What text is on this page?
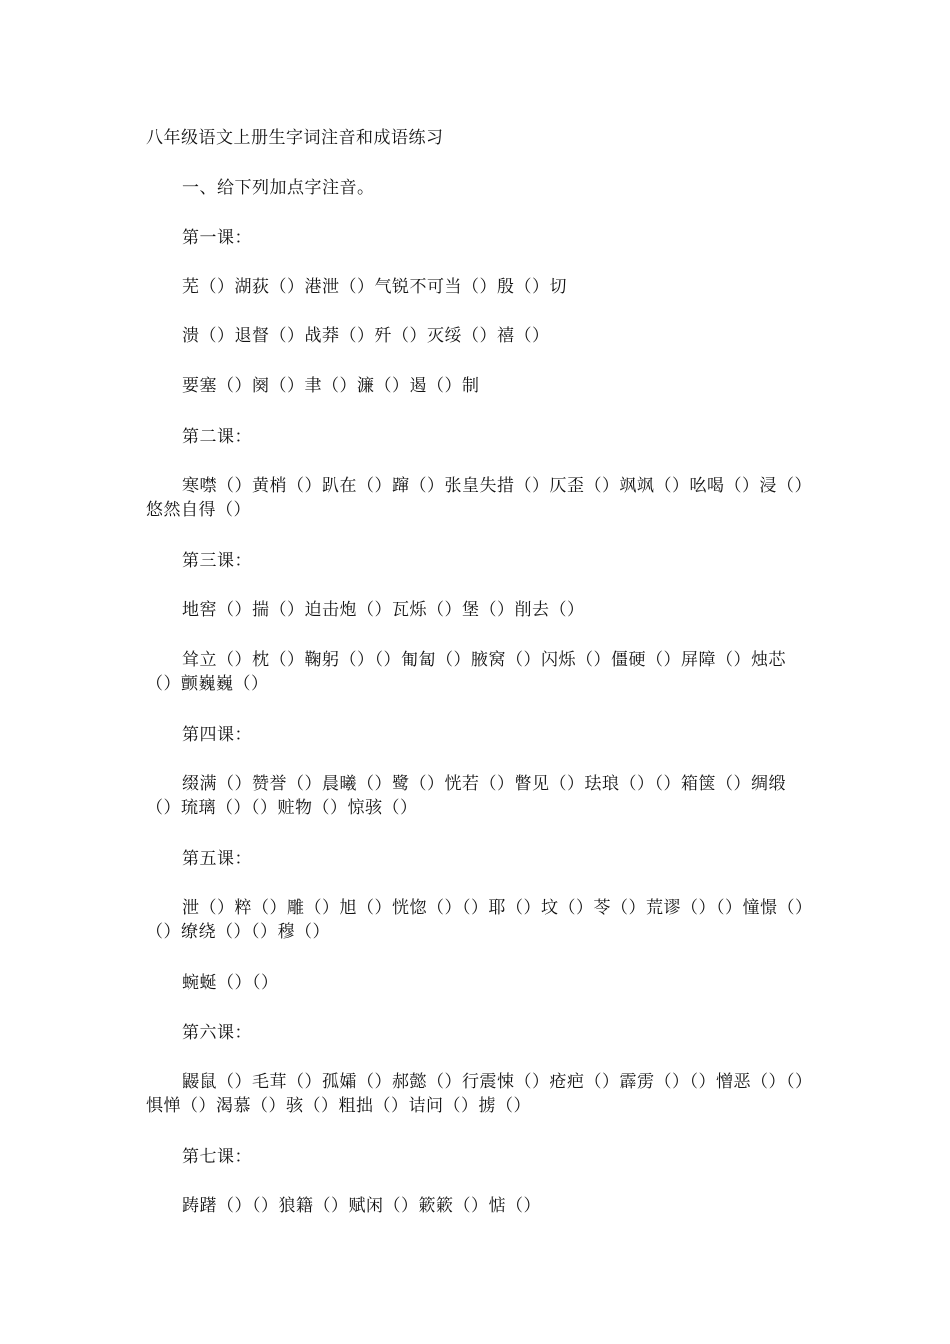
八年级语文上册生字词注音和成语练习
一、给下列加点字注音。
第一课：
芜（）湖荻（）港泄（）气锐不可当（）殷（）切
溃（）退督（）战莽（）歼（）灭绥（）禧（）
要塞（）阕（）聿（）濂（）遏（）制
第二课：
寒噤（）黄梢（）趴在（）蹿（）张皇失措（）仄歪（）飒飒（）吆喝（）浸（）悠然自得（）
第三课：
地窖（）揣（）迫击炮（）瓦烁（）堡（）削去（）
耸立（）枕（）鞠躬（）（）匍匐（）腋窝（）闪烁（）僵硬（）屏障（）烛芯（）颤巍巍（）
第四课：
缀满（）赞誉（）晨曦（）鹭（）恍若（）瞥见（）珐琅（）（）箱箧（）绸缎（）琉璃（）（）赃物（）惊骇（）
第五课：
泄（）粹（）雕（）旭（）恍惚（）（）耶（）坟（）苓（）荒谬（）（）憧憬（）（）缭绕（）（）穆（）
蜿蜒（）（）
第六课：
鼹鼠（）毛茸（）孤孀（）郝懿（）行震悚（）疮疤（）霹雳（）（）憎恶（）（）惧惮（）渴慕（）骇（）粗拙（）诘问（）掳（）
第七课：
踌躇（）（）狼籍（）赋闲（）簌簌（）惦（）
